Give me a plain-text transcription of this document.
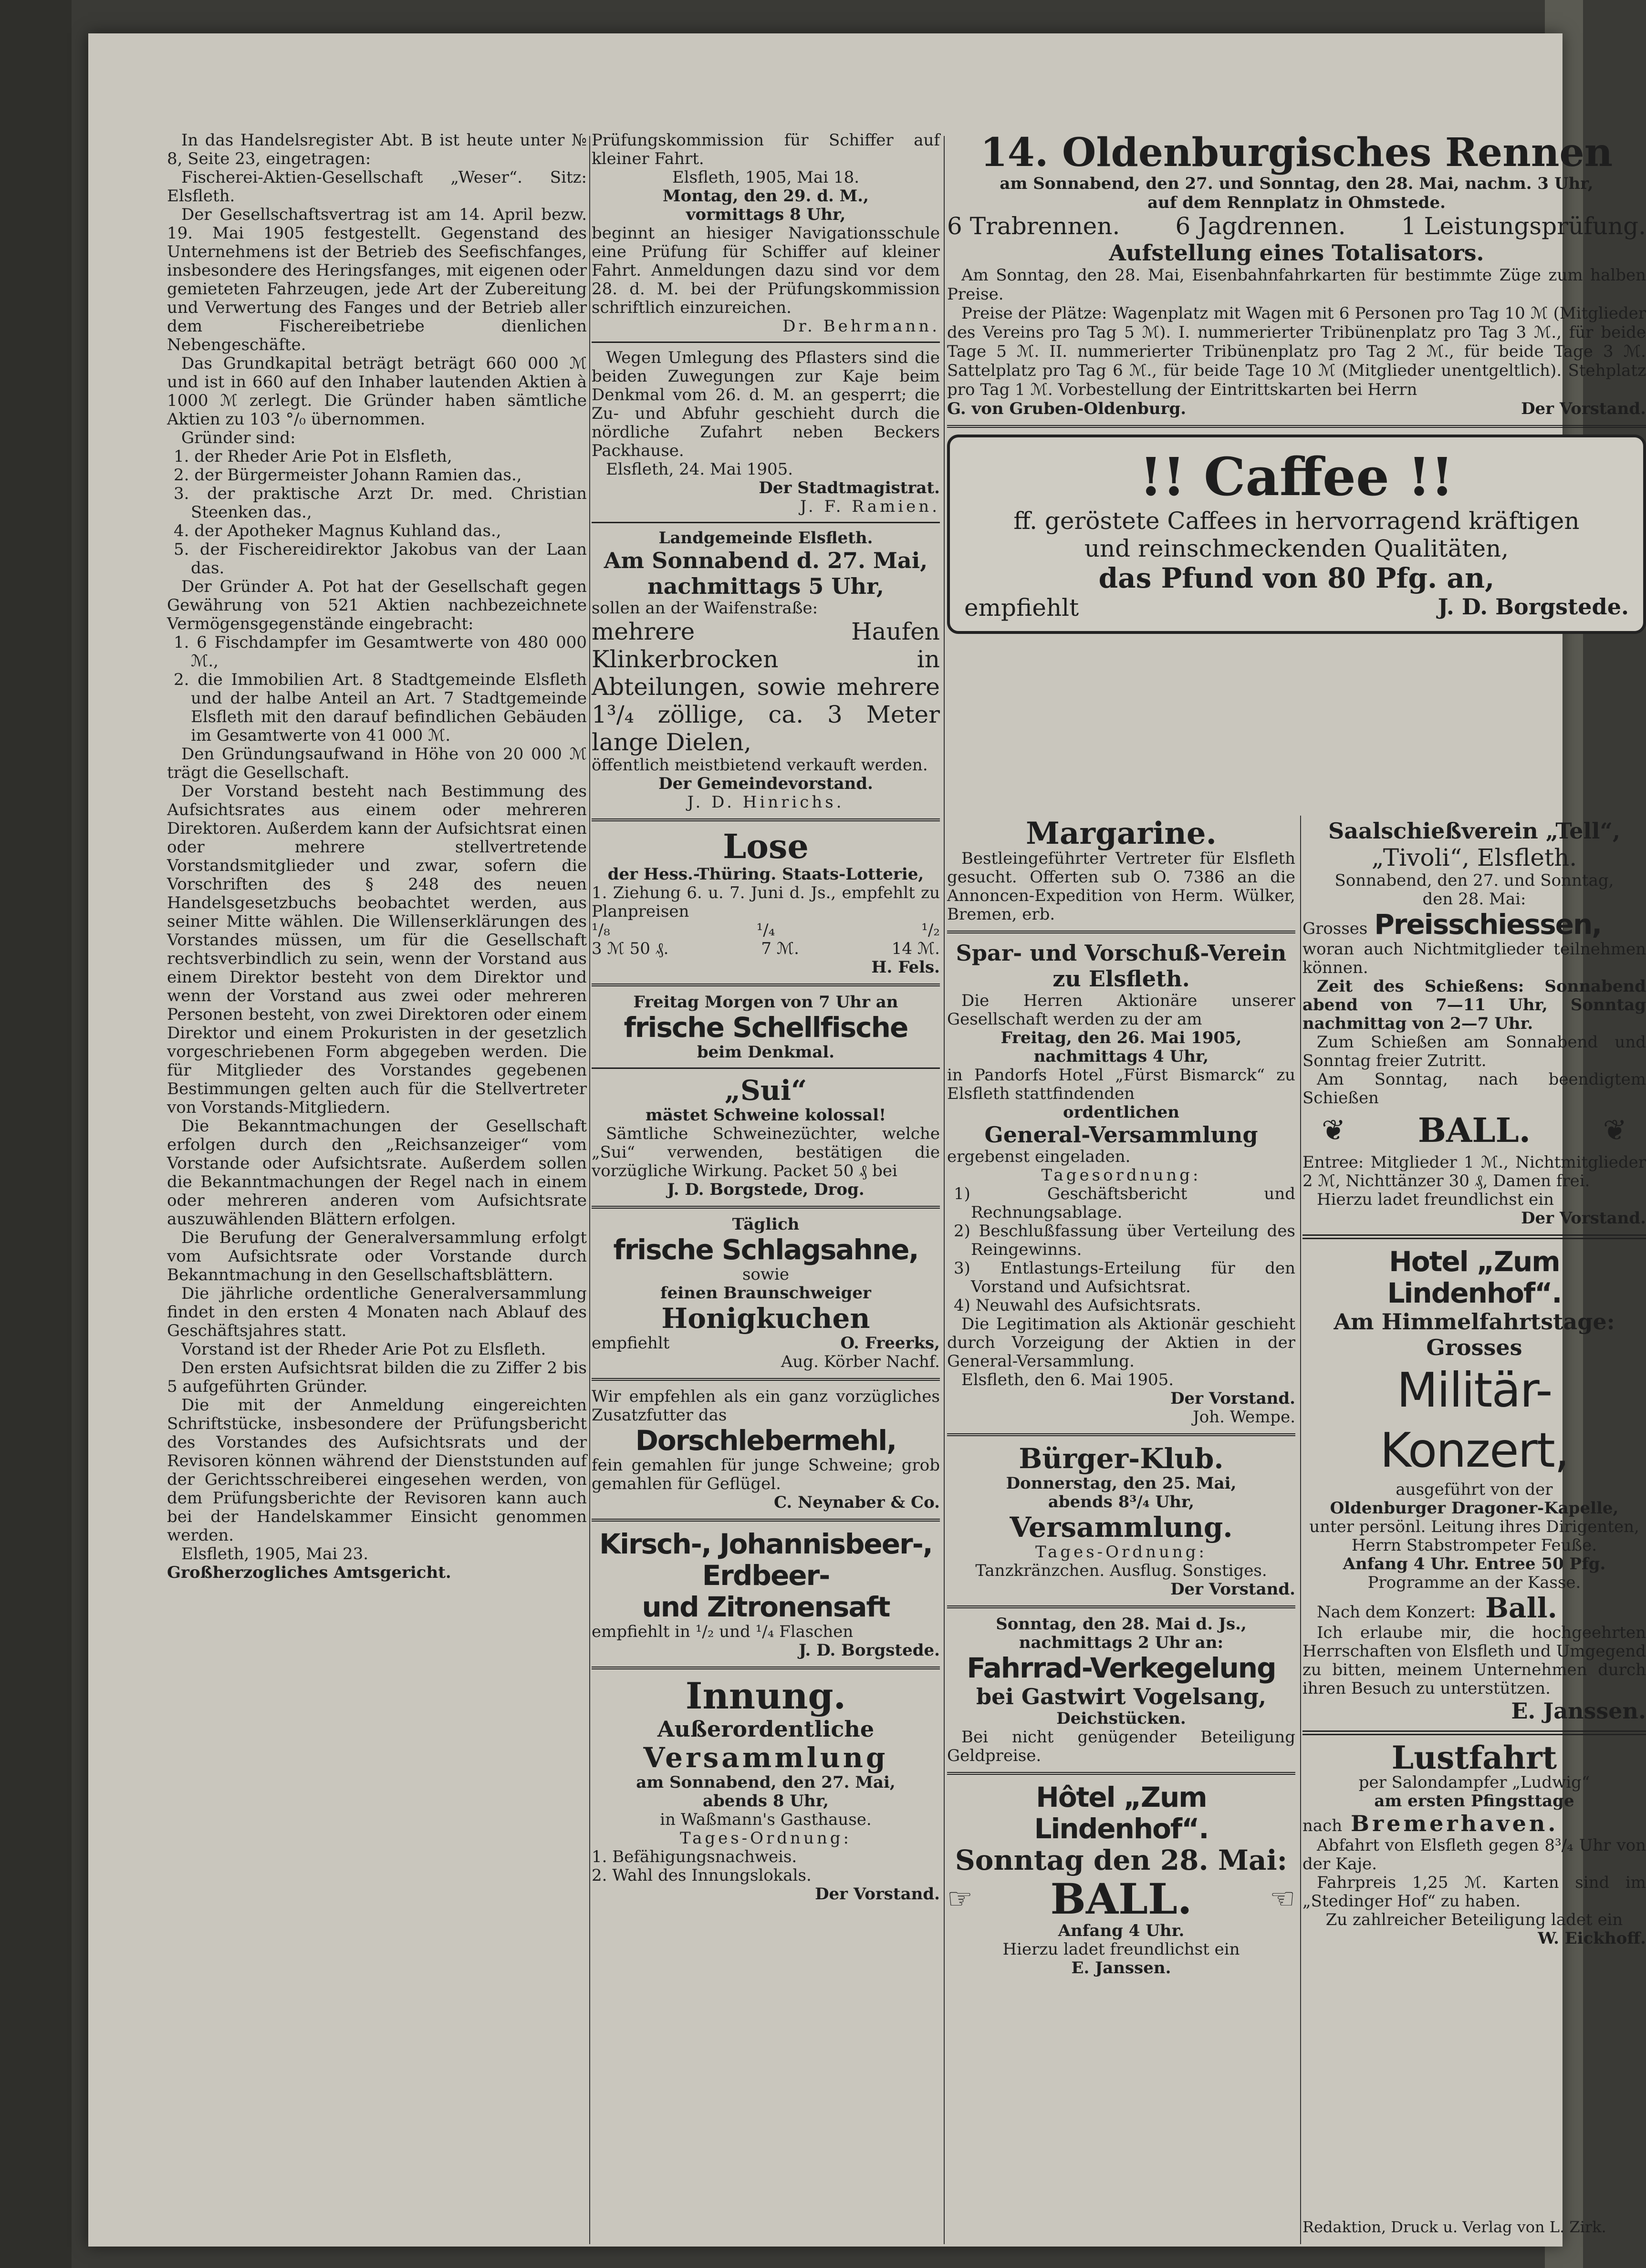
In das Handelsregister Abt. B ist heute unter № 8, Seite 23, eingetragen:

Fischerei-Aktien-Gesellschaft „Weser“. Sitz: Elsfleth.

Der Gesellschaftsvertrag ist am 14. April bezw. 19. Mai 1905 festgestellt. Gegenstand des Unternehmens ist der Betrieb des Seefischfanges, insbesondere des Heringsfanges, mit eigenen oder gemieteten Fahrzeugen, jede Art der Zubereitung und Verwertung des Fanges und der Betrieb aller dem Fischereibetriebe dienlichen Nebengeschäfte.

Das Grundkapital beträgt beträgt 660 000 ℳ und ist in 660 auf den Inhaber lautenden Aktien à 1000 ℳ zerlegt. Die Gründer haben sämtliche Aktien zu 103 °/₀ übernommen.

Gründer sind:

1. der Rheder Arie Pot in Elsfleth,

2. der Bürgermeister Johann Ramien das.,

3. der praktische Arzt Dr. med. Christian Steenken das.,

4. der Apotheker Magnus Kuhland das.,

5. der Fischereidirektor Jakobus van der Laan das.

Der Gründer A. Pot hat der Gesellschaft gegen Gewährung von 521 Aktien nachbezeichnete Vermögensgegenstände eingebracht:

1. 6 Fischdampfer im Gesamtwerte von 480 000 ℳ.,

2. die Immobilien Art. 8 Stadtgemeinde Elsfleth und der halbe Anteil an Art. 7 Stadtgemeinde Elsfleth mit den darauf befindlichen Gebäuden im Gesamtwerte von 41 000 ℳ.

Den Gründungsaufwand in Höhe von 20 000 ℳ trägt die Gesellschaft.

Der Vorstand besteht nach Bestimmung des Aufsichtsrates aus einem oder mehreren Direktoren. Außerdem kann der Aufsichtsrat einen oder mehrere stellvertretende Vorstandsmitglieder und zwar, sofern die Vorschriften des § 248 des neuen Handelsgesetzbuchs beobachtet werden, aus seiner Mitte wählen. Die Willenserklärungen des Vorstandes müssen, um für die Gesellschaft rechtsverbindlich zu sein, wenn der Vorstand aus einem Direktor besteht von dem Direktor und wenn der Vorstand aus zwei oder mehreren Personen besteht, von zwei Direktoren oder einem Direktor und einem Prokuristen in der gesetzlich vorgeschriebenen Form abgegeben werden. Die für Mitglieder des Vorstandes gegebenen Bestimmungen gelten auch für die Stellvertreter von Vorstands-Mitgliedern.

Die Bekanntmachungen der Gesellschaft erfolgen durch den „Reichsanzeiger“ vom Vorstande oder Aufsichtsrate. Außerdem sollen die Bekanntmachungen der Regel nach in einem oder mehreren anderen vom Aufsichtsrate auszuwählenden Blättern erfolgen.

Die Berufung der Generalversammlung erfolgt vom Aufsichtsrate oder Vorstande durch Bekanntmachung in den Gesellschaftsblättern.

Die jährliche ordentliche Generalversammlung findet in den ersten 4 Monaten nach Ablauf des Geschäftsjahres statt.

Vorstand ist der Rheder Arie Pot zu Elsfleth.

Den ersten Aufsichtsrat bilden die zu Ziffer 2 bis 5 aufgeführten Gründer.

Die mit der Anmeldung eingereichten Schriftstücke, insbesondere der Prüfungsbericht des Vorstandes des Aufsichtsrats und der Revisoren können während der Dienststunden auf der Gerichtsschreiberei eingesehen werden, von dem Prüfungsberichte der Revisoren kann auch bei der Handelskammer Einsicht genommen werden.

Elsfleth, 1905, Mai 23.

Großherzogliches Amtsgericht.

Prüfungskommission für Schiffer auf kleiner Fahrt.

Elsfleth, 1905, Mai 18.

Montag, den 29. d. M.,

vormittags 8 Uhr,

beginnt an hiesiger Navigationsschule eine Prüfung für Schiffer auf kleiner Fahrt. Anmeldungen dazu sind vor dem 28. d. M. bei der Prüfungskommission schriftlich einzureichen.

Dr. Behrmann.

Wegen Umlegung des Pflasters sind die beiden Zuwegungen zur Kaje beim Denkmal vom 26. d. M. an gesperrt; die Zu- und Abfuhr geschieht durch die nördliche Zufahrt neben Beckers Packhause.

Elsfleth, 24. Mai 1905.

Der Stadtmagistrat.

J. F. Ramien.

Landgemeinde Elsfleth.

Am Sonnabend d. 27. Mai,

nachmittags 5 Uhr,

sollen an der Waifenstraße:

mehrere Haufen Klinkerbrocken in Abteilungen, sowie mehrere 1³/₄ zöllige, ca. 3 Meter lange Dielen,

öffentlich meistbietend verkauft werden.

Der Gemeindevorstand.

J. D. Hinrichs.

Lose

der Hess.-Thüring. Staats-Lotterie,

1. Ziehung 6. u. 7. Juni d. Js., empfehlt zu Planpreisen

¹/₈	¹/₄	¹/₂
3 ℳ 50 ₰.	7 ℳ.	14 ℳ.

H. Fels.

Freitag Morgen von 7 Uhr an

frische Schellfische

beim Denkmal.

„Sui“

mästet Schweine kolossal!

Sämtliche Schweinezüchter, welche „Sui“ verwenden, bestätigen die vorzügliche Wirkung. Packet 50 ₰ bei

J. D. Borgstede, Drog.

Täglich

frische Schlagsahne,

sowie

feinen Braunschweiger

Honigkuchen

empfiehlt	O. Freerks,

Aug. Körber Nachf.

Wir empfehlen als ein ganz vorzügliches Zusatzfutter das

Dorschlebermehl,

fein gemahlen für junge Schweine; grob gemahlen für Geflügel.

C. Neynaber & Co.

Kirsch-, Johannisbeer-,

Erdbeer-

und Zitronensaft

empfiehlt in ¹/₂ und ¹/₄ Flaschen

J. D. Borgstede.

Innung.

Außerordentliche

Versammlung

am Sonnabend, den 27. Mai,

abends 8 Uhr,

in Waßmann's Gasthause.

Tages-Ordnung:

1. Befähigungsnachweis.

2. Wahl des Innungslokals.

Der Vorstand.

14. Oldenburgisches Rennen

am Sonnabend, den 27. und Sonntag, den 28. Mai, nachm. 3 Uhr,

auf dem Rennplatz in Ohmstede.

6 Trabrennen. 6 Jagdrennen. 1 Leistungsprüfung.

Aufstellung eines Totalisators.

Am Sonntag, den 28. Mai, Eisenbahnfahrkarten für bestimmte Züge zum halben Preise.

Preise der Plätze: Wagenplatz mit Wagen mit 6 Personen pro Tag 10 ℳ (Mitglieder des Vereins pro Tag 5 ℳ). I. nummerierter Tribünenplatz pro Tag 3 ℳ., für beide Tage 5 ℳ. II. nummerierter Tribünenplatz pro Tag 2 ℳ., für beide Tage 3 ℳ. Sattelplatz pro Tag 6 ℳ., für beide Tage 10 ℳ (Mitglieder unentgeltlich). Stehplatz pro Tag 1 ℳ. Vorbestellung der Eintrittskarten bei Herrn

G. von Gruben-Oldenburg.	Der Vorstand.

!! Caffee !!

ff. geröstete Caffees in hervorragend kräftigen

und reinschmeckenden Qualitäten,

das Pfund von 80 Pfg. an,

empfiehlt	J. D. Borgstede.

Margarine.

Bestleingeführter Vertreter für Elsfleth gesucht. Offerten sub O. 7386 an die Annoncen-Expedition von Herm. Wülker, Bremen, erb.

Spar- und Vorschuß-Verein

zu Elsfleth.

Die Herren Aktionäre unserer Gesellschaft werden zu der am

Freitag, den 26. Mai 1905,

nachmittags 4 Uhr,

in Pandorfs Hotel „Fürst Bismarck“ zu Elsfleth stattfindenden

ordentlichen

General-Versammlung

ergebenst eingeladen.

Tagesordnung:

1) Geschäftsbericht und Rechnungsablage.

2) Beschlußfassung über Verteilung des Reingewinns.

3) Entlastungs-Erteilung für den Vorstand und Aufsichtsrat.

4) Neuwahl des Aufsichtsrats.

Die Legitimation als Aktionär geschieht durch Vorzeigung der Aktien in der General-Versammlung.

Elsfleth, den 6. Mai 1905.

Der Vorstand.

Joh. Wempe.

Bürger-Klub.

Donnerstag, den 25. Mai,

abends 8³/₄ Uhr,

Versammlung.

Tages-Ordnung:

Tanzkränzchen. Ausflug. Sonstiges.

Der Vorstand.

Sonntag, den 28. Mai d. Js.,

nachmittags 2 Uhr an:

Fahrrad-Verkegelung

bei Gastwirt Vogelsang,

Deichstücken.

Bei nicht genügender Beteiligung Geldpreise.

Hôtel „Zum Lindenhof“.

Sonntag den 28. Mai:

☞ BALL.	☜

Anfang 4 Uhr.

Hierzu ladet freundlichst ein

E. Janssen.

Saalschießverein „Tell“,

„Tivoli“, Elsfleth.

Sonnabend, den 27. und Sonntag,

den 28. Mai:

Grosses Preisschiessen,

woran auch Nichtmitglieder teilnehmen können.

Zeit des Schießens: Sonnabend abend von 7—11 Uhr, Sonntag nachmittag von 2—7 Uhr.

Zum Schießen am Sonnabend und Sonntag freier Zutritt.

Am Sonntag, nach beendigtem Schießen

❦ BALL.	❦

Entree: Mitglieder 1 ℳ., Nichtmitglieder 2 ℳ, Nichttänzer 30 ₰, Damen frei.

Hierzu ladet freundlichst ein

Der Vorstand.

Hotel „Zum Lindenhof“.

Am Himmelfahrtstage:

Grosses

Militär-Konzert,

ausgeführt von der

Oldenburger Dragoner-Kapelle,

unter persönl. Leitung ihres Dirigenten, Herrn Stabstrompeter Feuße.

Anfang 4 Uhr. Entree 50 Pfg.

Programme an der Kasse.

Nach dem Konzert: Ball.

Ich erlaube mir, die hochgeehrten Herrschaften von Elsfleth und Umgegend zu bitten, meinem Unternehmen durch ihren Besuch zu unterstützen.

E. Janssen.

Lustfahrt

per Salondampfer „Ludwig“

am ersten Pfingsttage

nach Bremerhaven.

Abfahrt von Elsfleth gegen 8³/₄ Uhr von der Kaje.

Fahrpreis 1,25 ℳ. Karten sind im „Stedinger Hof“ zu haben.

Zu zahlreicher Beteiligung ladet ein

W. Eickhoff.

Redaktion, Druck u. Verlag von L. Zirk.
